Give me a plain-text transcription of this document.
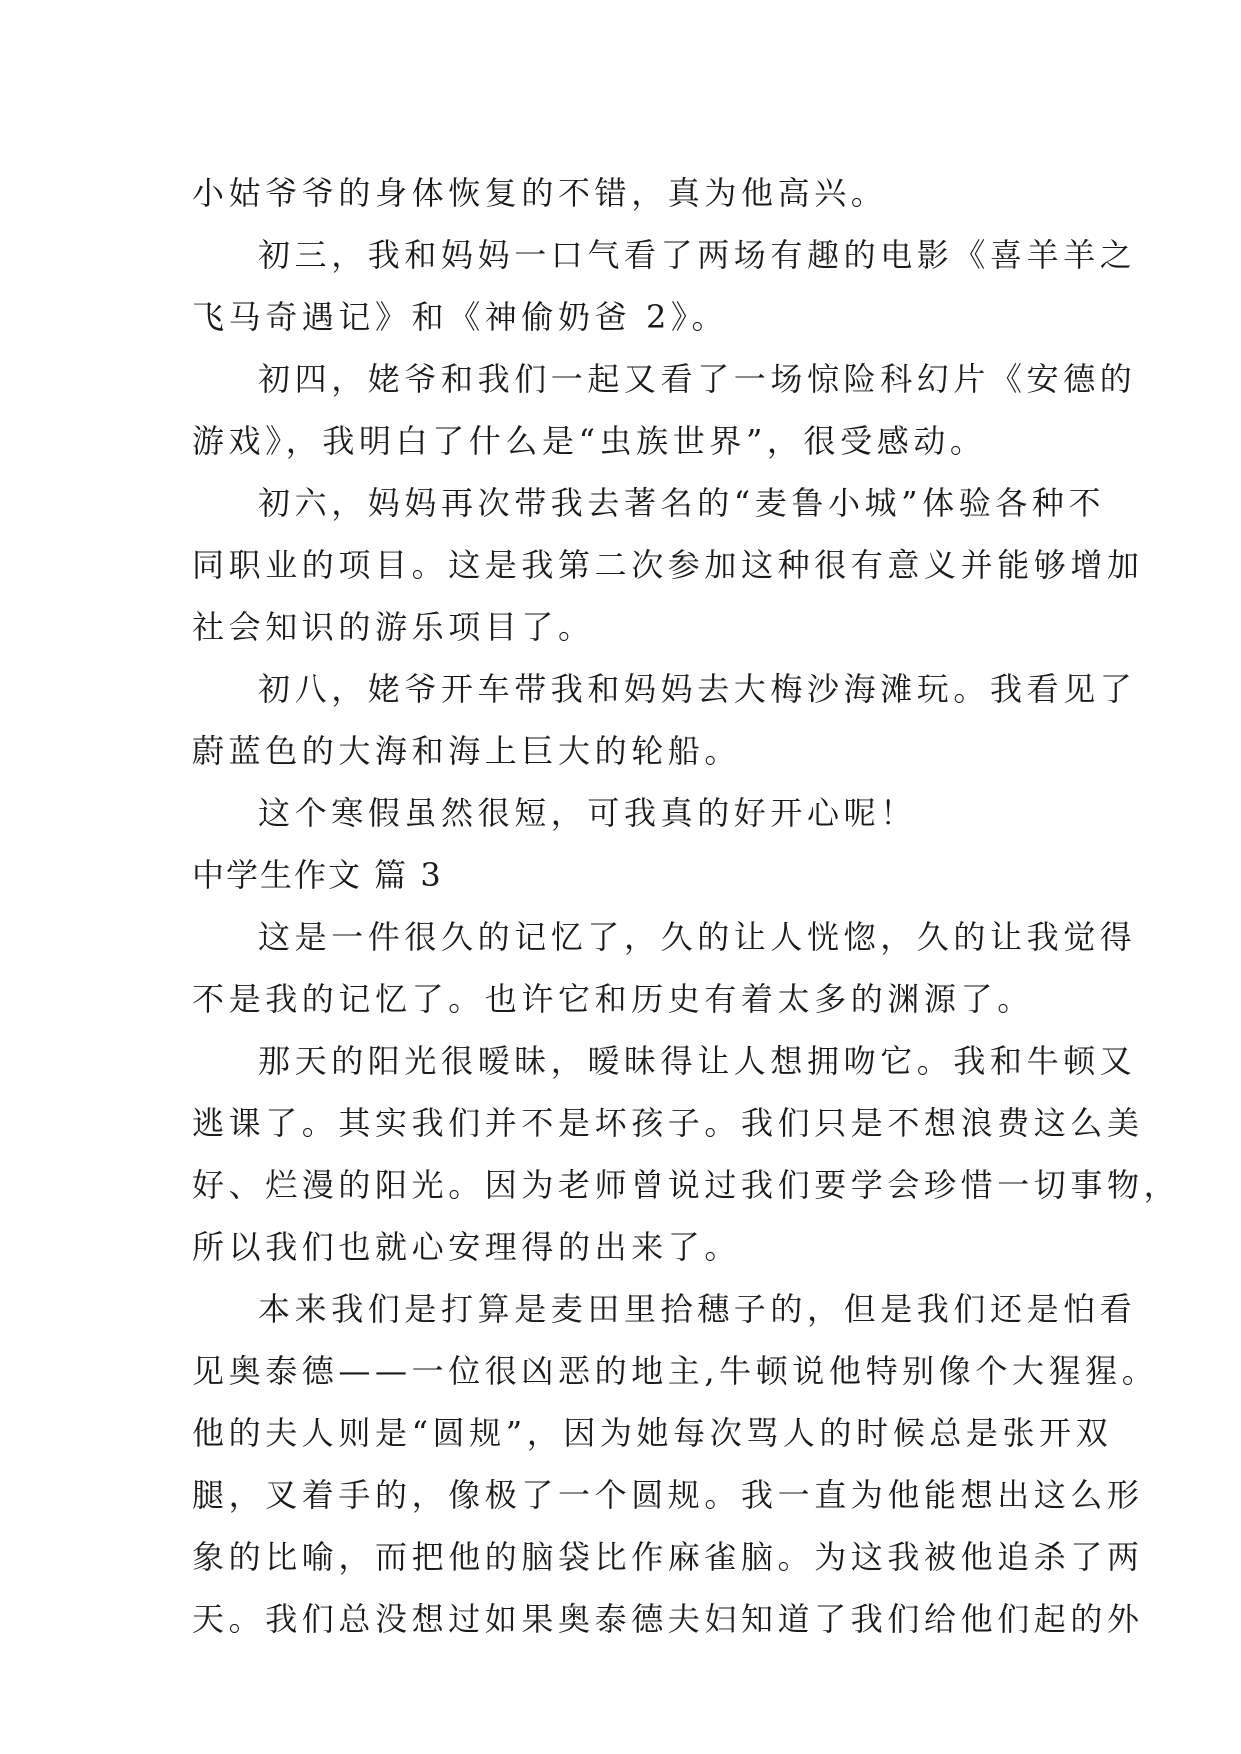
小姑爷爷的身体恢复的不错，真为他高兴。
初三，我和妈妈一口气看了两场有趣的电影《喜羊羊之
飞马奇遇记》和《神偷奶爸 2》。
初四，姥爷和我们一起又看了一场惊险科幻片《安德的
游戏》，我明白了什么是“虫族世界”，很受感动。
初六，妈妈再次带我去著名的“麦鲁小城”体验各种不
同职业的项目。这是我第二次参加这种很有意义并能够增加
社会知识的游乐项目了。
初八，姥爷开车带我和妈妈去大梅沙海滩玩。我看见了
蔚蓝色的大海和海上巨大的轮船。
这个寒假虽然很短，可我真的好开心呢！
中学生作文 篇 3
这是一件很久的记忆了，久的让人恍惚，久的让我觉得
不是我的记忆了。也许它和历史有着太多的渊源了。
那天的阳光很暧昧，暧昧得让人想拥吻它。我和牛顿又
逃课了。其实我们并不是坏孩子。我们只是不想浪费这么美
好、烂漫的阳光。因为老师曾说过我们要学会珍惜一切事物，
所以我们也就心安理得的出来了。
本来我们是打算是麦田里拾穗子的，但是我们还是怕看
见奥泰德——一位很凶恶的地主,牛顿说他特别像个大猩猩。
他的夫人则是“圆规”，因为她每次骂人的时候总是张开双
腿，叉着手的，像极了一个圆规。我一直为他能想出这么形
象的比喻，而把他的脑袋比作麻雀脑。为这我被他追杀了两
天。我们总没想过如果奥泰德夫妇知道了我们给他们起的外
